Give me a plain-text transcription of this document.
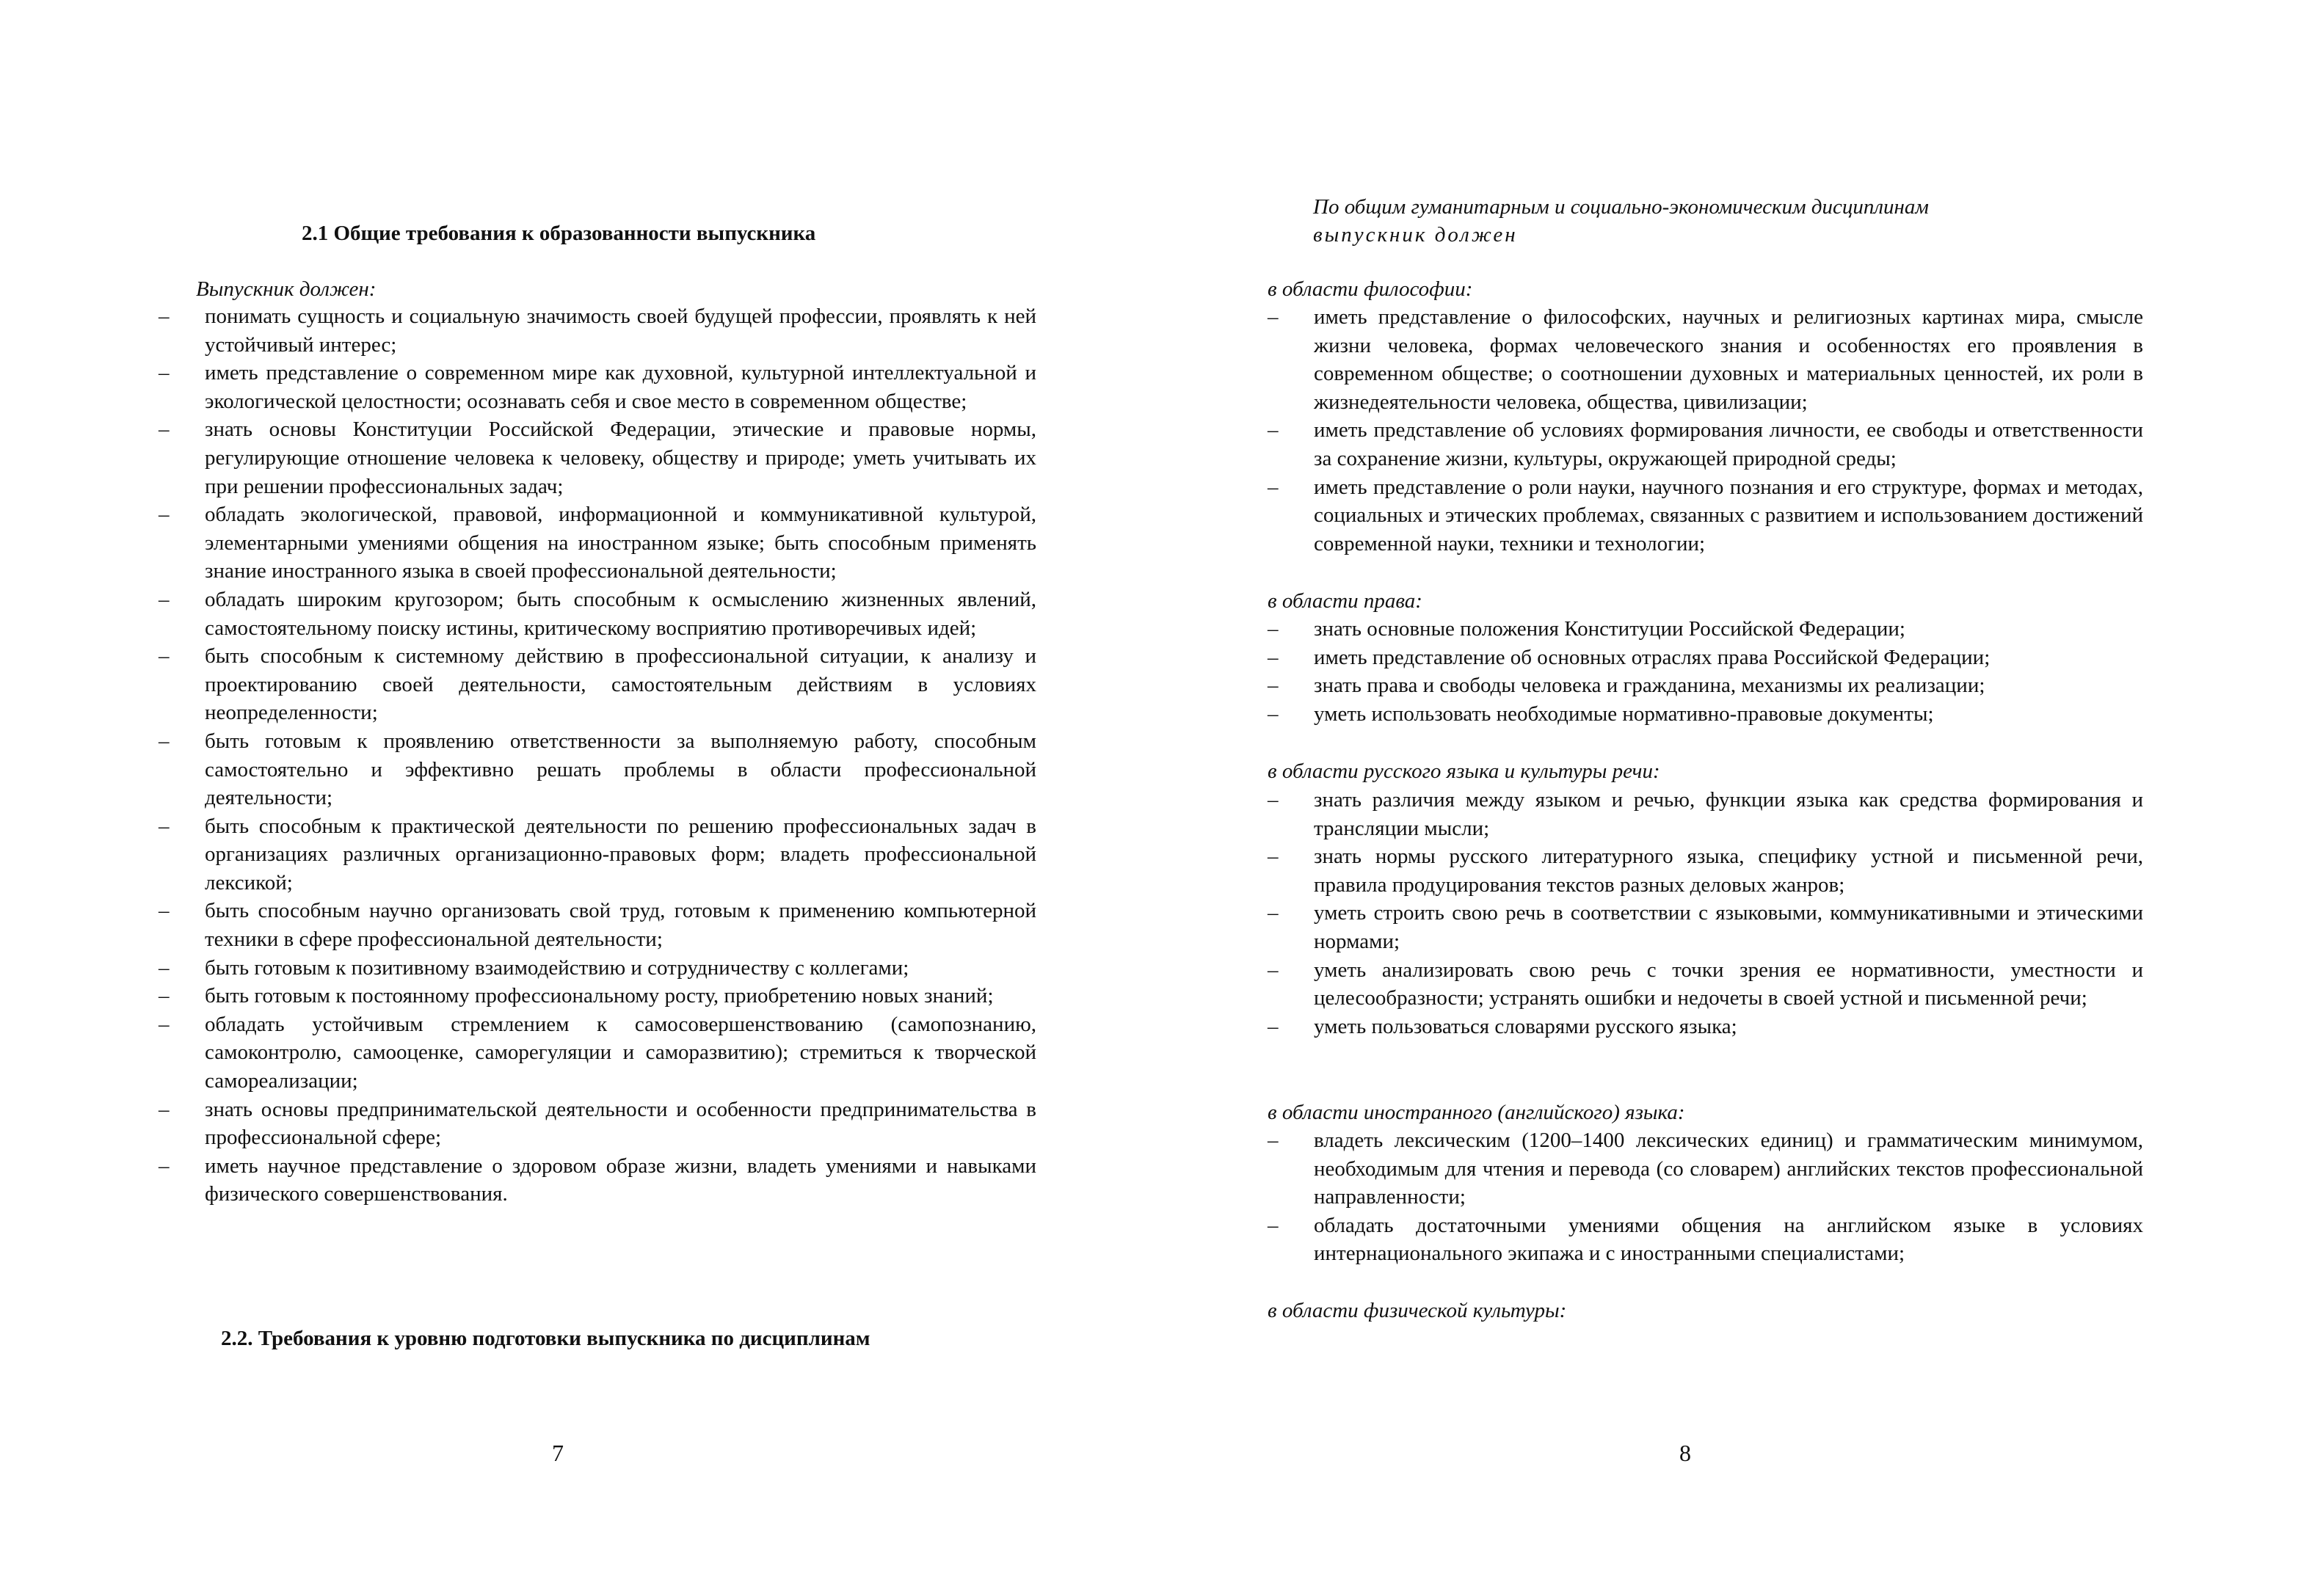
2.1 Общие требования к образованности выпускника
Выпускник должен:
– понимать сущность и социальную значимость своей будущей профессии, проявлять к ней устойчивый интерес;
– иметь представление о современном мире как духовной, культурной интеллектуальной и экологической целостности; осознавать себя и свое место в современном обществе;
– знать основы Конституции Российской Федерации, этические и правовые нормы, регулирующие отношение человека к человеку, обществу и природе; уметь учитывать их при решении профессиональных задач;
– обладать экологической, правовой, информационной и коммуникативной культурой, элементарными умениями общения на иностранном языке; быть способным применять знание иностранного языка в своей профессиональной деятельности;
– обладать широким кругозором; быть способным к осмыслению жизненных явлений, самостоятельному поиску истины, критическому восприятию противоречивых идей;
– быть способным к системному действию в профессиональной ситуации, к анализу и проектированию своей деятельности, самостоятельным действиям в условиях неопределенности;
– быть готовым к проявлению ответственности за выполняемую работу, способным самостоятельно и эффективно решать проблемы в области профессиональной деятельности;
– быть способным к практической деятельности по решению профессиональных задач в организациях различных организационно-правовых форм; владеть профессиональной лексикой;
– быть способным научно организовать свой труд, готовым к применению компьютерной техники в сфере профессиональной деятельности;
– быть готовым к позитивному взаимодействию и сотрудничеству с коллегами;
– быть готовым к постоянному профессиональному росту, приобретению новых знаний;
– обладать устойчивым стремлением к самосовершенствованию (самопознанию, самоконтролю, самооценке, саморегуляции и саморазвитию); стремиться к творческой самореализации;
– знать основы предпринимательской деятельности и особенности предпринимательства в профессиональной сфере;
– иметь научное представление о здоровом образе жизни, владеть умениями и навыками физического совершенствования.
2.2. Требования к уровню подготовки выпускника по дисциплинам
7
По общим гуманитарным и социально-экономическим дисциплинам
выпускник должен
в области философии:
– иметь представление о философских, научных и религиозных картинах мира, смысле жизни человека, формах человеческого знания и особенностях его проявления в современном обществе; о соотношении духовных и материальных ценностей, их роли в жизнедеятельности человека, общества, цивилизации;
– иметь представление об условиях формирования личности, ее свободы и ответственности за сохранение жизни, культуры, окружающей природной среды;
– иметь представление о роли науки, научного познания и его структуре, формах и методах, социальных и этических проблемах, связанных с развитием и использованием достижений современной науки, техники и технологии;
в области права:
– знать основные положения Конституции Российской Федерации;
– иметь представление об основных отраслях права Российской Федерации;
– знать права и свободы человека и гражданина, механизмы их реализации;
– уметь использовать необходимые нормативно-правовые документы;
в области русского языка и культуры речи:
– знать различия между языком и речью, функции языка как средства формирования и трансляции мысли;
– знать нормы русского литературного языка, специфику устной и письменной речи, правила продуцирования текстов разных деловых жанров;
– уметь строить свою речь в соответствии с языковыми, коммуникативными и этическими нормами;
– уметь анализировать свою речь с точки зрения ее нормативности, уместности и целесообразности; устранять ошибки и недочеты в своей устной и письменной речи;
– уметь пользоваться словарями русского языка;
в области иностранного (английского) языка:
– владеть лексическим (1200–1400 лексических единиц) и грамматическим минимумом, необходимым для чтения и перевода (со словарем) английских текстов профессиональной направленности;
– обладать достаточными умениями общения на английском языке в условиях интернационального экипажа и с иностранными специалистами;
в области физической культуры:
8
